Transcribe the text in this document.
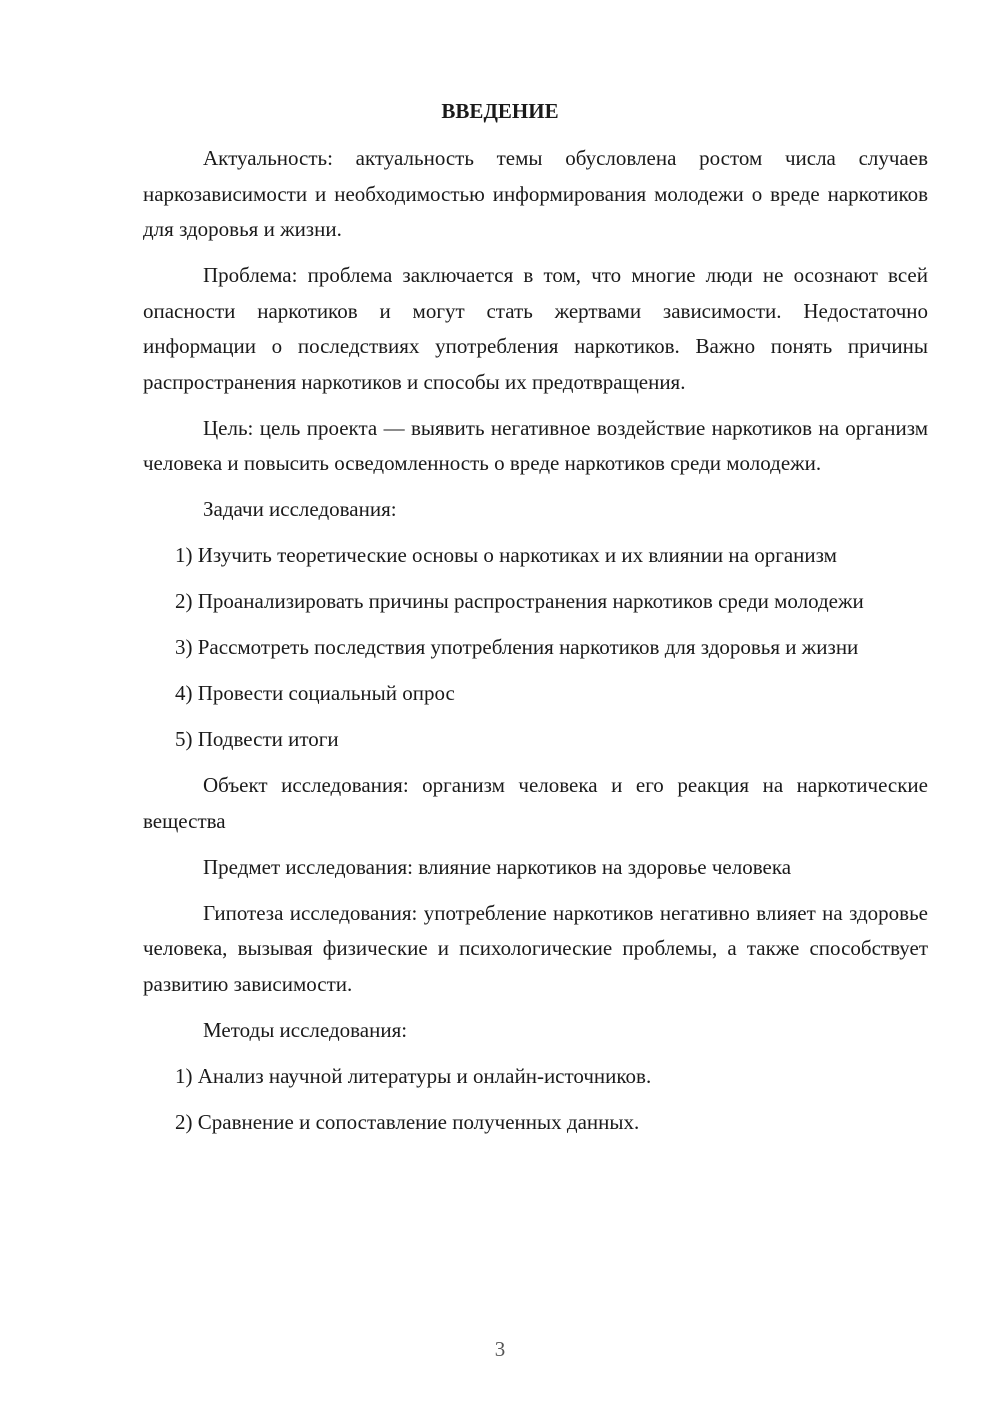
ВВЕДЕНИЕ

Актуальность: актуальность темы обусловлена ростом числа случаев наркозависимости и необходимостью информирования молодежи о вреде наркотиков для здоровья и жизни.

Проблема: проблема заключается в том, что многие люди не осознают всей опасности наркотиков и могут стать жертвами зависимости. Недостаточно информации о последствиях употребления наркотиков. Важно понять причины распространения наркотиков и способы их предотвращения.

Цель: цель проекта — выявить негативное воздействие наркотиков на организм человека и повысить осведомленность о вреде наркотиков среди молодежи.

Задачи исследования:

1) Изучить теоретические основы о наркотиках и их влиянии на организм

2) Проанализировать причины распространения наркотиков среди молодежи

3) Рассмотреть последствия употребления наркотиков для здоровья и жизни

4) Провести социальный опрос

5) Подвести итоги

Объект исследования: организм человека и его реакция на наркотические вещества

Предмет исследования: влияние наркотиков на здоровье человека

Гипотеза исследования: употребление наркотиков негативно влияет на здоровье человека, вызывая физические и психологические проблемы, а также способствует развитию зависимости.

Методы исследования:

1) Анализ научной литературы и онлайн-источников.

2) Сравнение и сопоставление полученных данных.

3
